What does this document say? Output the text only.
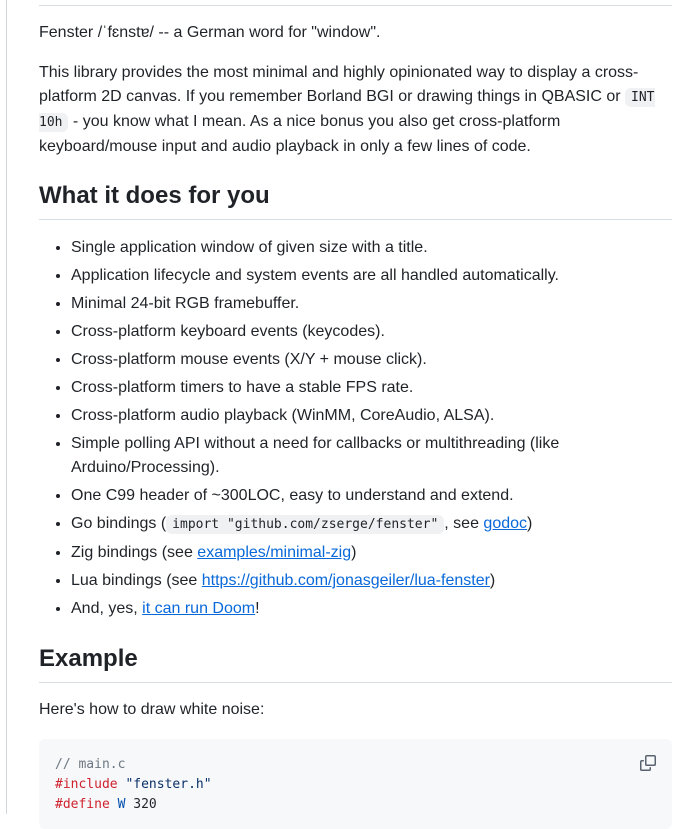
Fenster /ˈfɛnstɐ/ -- a German word for "window".

This library provides the most minimal and highly opinionated way to display a cross-platform 2D canvas. If you remember Borland BGI or drawing things in QBASIC or INT 10h - you know what I mean. As a nice bonus you also get cross-platform keyboard/mouse input and audio playback in only a few lines of code.

What it does for you
• Single application window of given size with a title.
• Application lifecycle and system events are all handled automatically.
• Minimal 24-bit RGB framebuffer.
• Cross-platform keyboard events (keycodes).
• Cross-platform mouse events (X/Y + mouse click).
• Cross-platform timers to have a stable FPS rate.
• Cross-platform audio playback (WinMM, CoreAudio, ALSA).
• Simple polling API without a need for callbacks or multithreading (like Arduino/Processing).
• One C99 header of ~300LOC, easy to understand and extend.
• Go bindings ( import "github.com/zserge/fenster" , see godoc)
• Zig bindings (see examples/minimal-zig)
• Lua bindings (see https://github.com/jonasgeiler/lua-fenster)
• And, yes, it can run Doom!
Example

Here's how to draw white noise:

// main.c
#include "fenster.h"
#define W 320
